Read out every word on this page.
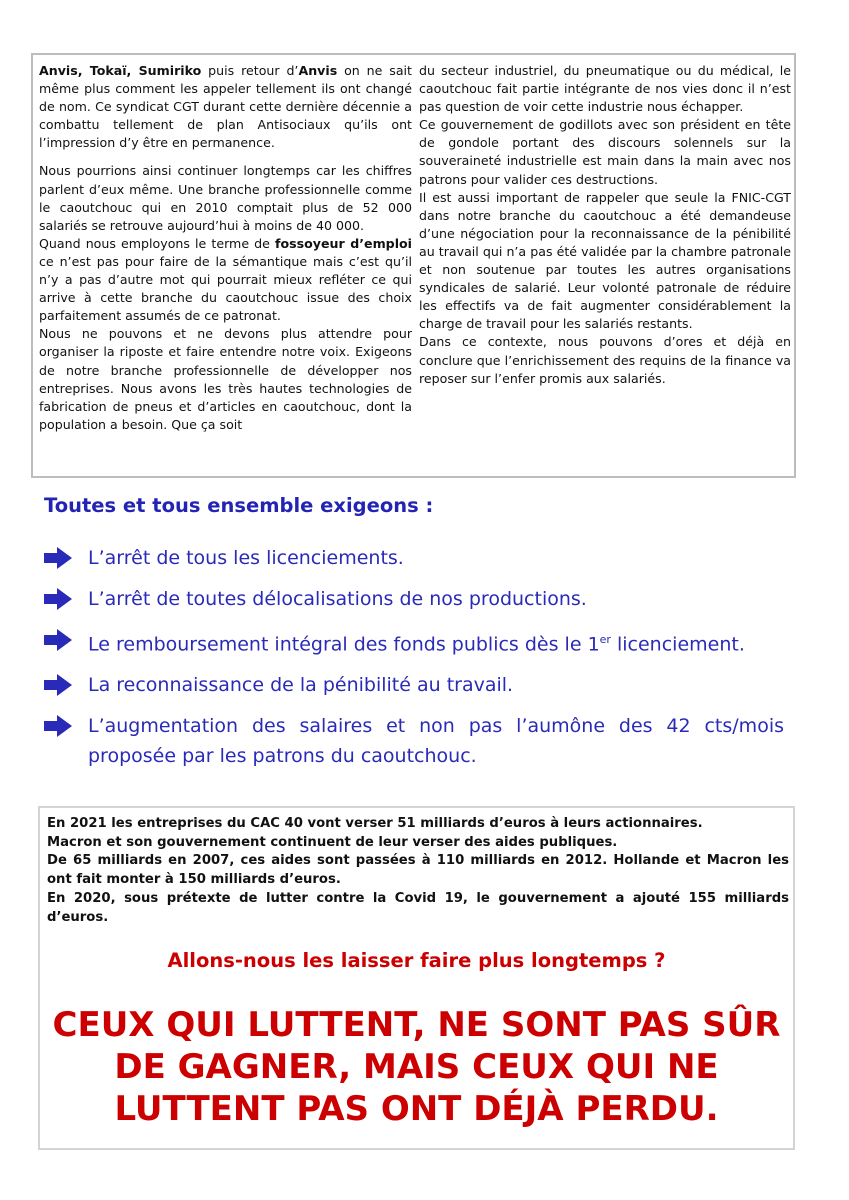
Anvis, Tokaï, Sumiriko puis retour d’Anvis on ne sait même plus comment les appeler tellement ils ont changé de nom. Ce syndicat CGT durant cette dernière décennie a combattu tellement de plan Antisociaux qu’ils ont l’impression d’y être en permanence.

Nous pourrions ainsi continuer longtemps car les chiffres parlent d’eux même. Une branche professionnelle comme le caoutchouc qui en 2010 comptait plus de 52 000 salariés se retrouve aujourd’hui à moins de 40 000.

Quand nous employons le terme de fossoyeur d’emploi ce n’est pas pour faire de la sémantique mais c’est qu’il n’y a pas d’autre mot qui pourrait mieux refléter ce qui arrive à cette branche du caoutchouc issue des choix parfaitement assumés de ce patronat.

Nous ne pouvons et ne devons plus attendre pour organiser la riposte et faire entendre notre voix. Exigeons de notre branche professionnelle de développer nos entreprises. Nous avons les très hautes technologies de fabrication de pneus et d’articles en caoutchouc, dont la population a besoin. Que ça soit

du secteur industriel, du pneumatique ou du médical, le caoutchouc fait partie intégrante de nos vies donc il n’est pas question de voir cette industrie nous échapper.

Ce gouvernement de godillots avec son président en tête de gondole portant des discours solennels sur la souveraineté industrielle est main dans la main avec nos patrons pour valider ces destructions.

Il est aussi important de rappeler que seule la FNIC-CGT dans notre branche du caoutchouc a été demandeuse d’une négociation pour la reconnaissance de la pénibilité au travail qui n’a pas été validée par la chambre patronale et non soutenue par toutes les autres organisations syndicales de salarié. Leur volonté patronale de réduire les effectifs va de fait augmenter considérablement la charge de travail pour les salariés restants.

Dans ce contexte, nous pouvons d’ores et déjà en conclure que l’enrichissement des requins de la finance va reposer sur l’enfer promis aux salariés.

Toutes et tous ensemble exigeons :
L’arrêt de tous les licenciements.
L’arrêt de toutes délocalisations de nos productions.
Le remboursement intégral des fonds publics dès le 1er licenciement.
La reconnaissance de la pénibilité au travail.
L’augmentation des salaires et non pas l’aumône des 42 cts/mois proposée par les patrons du caoutchouc.

En 2021 les entreprises du CAC 40 vont verser 51 milliards d’euros à leurs actionnaires.

Macron et son gouvernement continuent de leur verser des aides publiques.

De 65 milliards en 2007, ces aides sont passées à 110 milliards en 2012. Hollande et Macron les ont fait monter à 150 milliards d’euros.

En 2020, sous prétexte de lutter contre la Covid 19, le gouvernement a ajouté 155 milliards d’euros.

Allons-nous les laisser faire plus longtemps ?

CEUX QUI LUTTENT, NE SONT PAS SÛR DE GAGNER, MAIS CEUX QUI NE LUTTENT PAS ONT DÉJÀ PERDU.
